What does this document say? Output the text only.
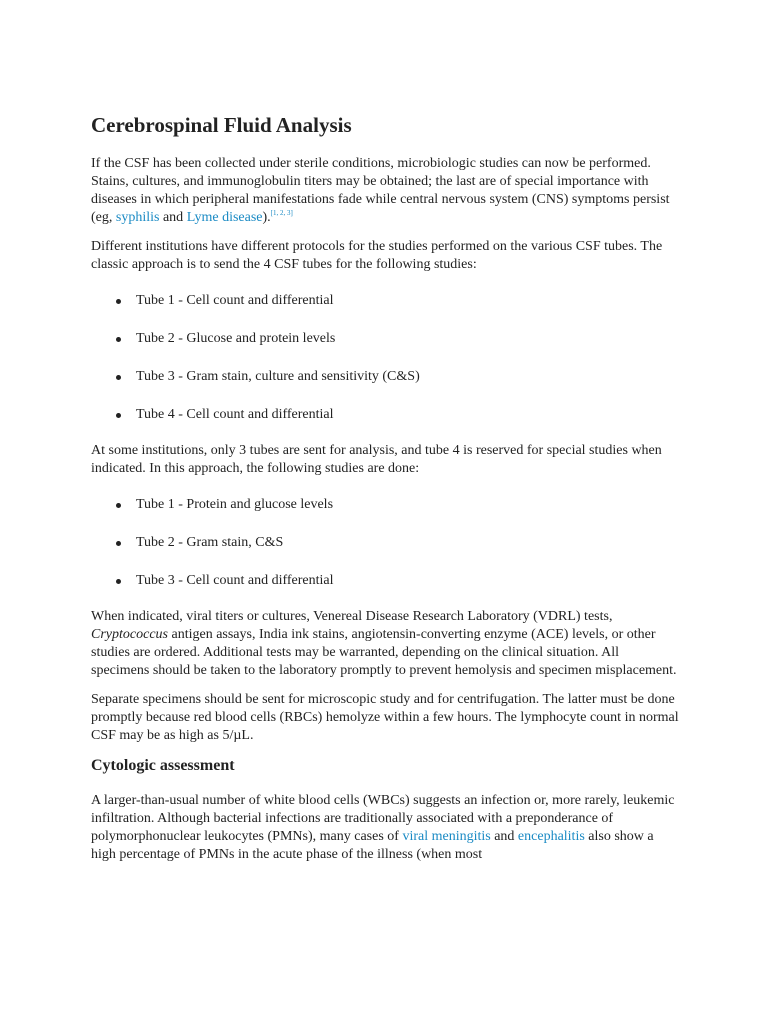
Cerebrospinal Fluid Analysis

If the CSF has been collected under sterile conditions, microbiologic studies can now be performed. Stains, cultures, and immunoglobulin titers may be obtained; the last are of special importance with diseases in which peripheral manifestations fade while central nervous system (CNS) symptoms persist (eg, syphilis and Lyme disease).[1, 2, 3]

Different institutions have different protocols for the studies performed on the various CSF tubes. The classic approach is to send the 4 CSF tubes for the following studies:

Tube 1 - Cell count and differential
Tube 2 - Glucose and protein levels
Tube 3 - Gram stain, culture and sensitivity (C&S)
Tube 4 - Cell count and differential

At some institutions, only 3 tubes are sent for analysis, and tube 4 is reserved for special studies when indicated. In this approach, the following studies are done:

Tube 1 - Protein and glucose levels
Tube 2 - Gram stain, C&S
Tube 3 - Cell count and differential

When indicated, viral titers or cultures, Venereal Disease Research Laboratory (VDRL) tests, Cryptococcus antigen assays, India ink stains, angiotensin-converting enzyme (ACE) levels, or other studies are ordered. Additional tests may be warranted, depending on the clinical situation. All specimens should be taken to the laboratory promptly to prevent hemolysis and specimen misplacement.

Separate specimens should be sent for microscopic study and for centrifugation. The latter must be done promptly because red blood cells (RBCs) hemolyze within a few hours. The lymphocyte count in normal CSF may be as high as 5/µL.

Cytologic assessment

A larger-than-usual number of white blood cells (WBCs) suggests an infection or, more rarely, leukemic infiltration. Although bacterial infections are traditionally associated with a preponderance of polymorphonuclear leukocytes (PMNs), many cases of viral meningitis and encephalitis also show a high percentage of PMNs in the acute phase of the illness (when most
